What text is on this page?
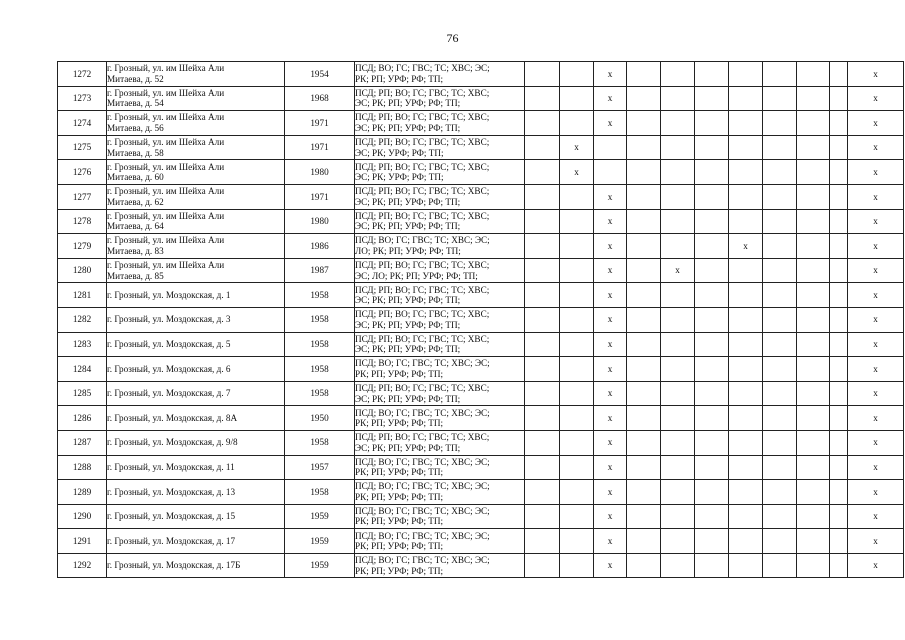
76
1272	г. Грозный, ул. им Шейха Али
Митаева, д. 52	1954	ПСД; ВО; ГС; ГВС; ТС; ХВС; ЭС;
РК; РП; УРФ; РФ; ТП;			x								x
1273	г. Грозный, ул. им Шейха Али
Митаева, д. 54	1968	ПСД; РП; ВО; ГС; ГВС; ТС; ХВС;
ЭС; РК; РП; УРФ; РФ; ТП;			x								x
1274	г. Грозный, ул. им Шейха Али
Митаева, д. 56	1971	ПСД; РП; ВО; ГС; ГВС; ТС; ХВС;
ЭС; РК; РП; УРФ; РФ; ТП;			x								x
1275	г. Грозный, ул. им Шейха Али
Митаева, д. 58	1971	ПСД; РП; ВО; ГС; ГВС; ТС; ХВС;
ЭС; РК; УРФ; РФ; ТП;		x									x
1276	г. Грозный, ул. им Шейха Али
Митаева, д. 60	1980	ПСД; РП; ВО; ГС; ГВС; ТС; ХВС;
ЭС; РК; УРФ; РФ; ТП;		x									x
1277	г. Грозный, ул. им Шейха Али
Митаева, д. 62	1971	ПСД; РП; ВО; ГС; ГВС; ТС; ХВС;
ЭС; РК; РП; УРФ; РФ; ТП;			x								x
1278	г. Грозный, ул. им Шейха Али
Митаева, д. 64	1980	ПСД; РП; ВО; ГС; ГВС; ТС; ХВС;
ЭС; РК; РП; УРФ; РФ; ТП;			x								x
1279	г. Грозный, ул. им Шейха Али
Митаева, д. 83	1986	ПСД; ВО; ГС; ГВС; ТС; ХВС; ЭС;
ЛО; РК; РП; УРФ; РФ; ТП;			x				x				x
1280	г. Грозный, ул. им Шейха Али
Митаева, д. 85	1987	ПСД; РП; ВО; ГС; ГВС; ТС; ХВС;
ЭС; ЛО; РК; РП; УРФ; РФ; ТП;			x		x						x
1281	г. Грозный, ул. Моздокская, д. 1	1958	ПСД; РП; ВО; ГС; ГВС; ТС; ХВС;
ЭС; РК; РП; УРФ; РФ; ТП;			x								x
1282	г. Грозный, ул. Моздокская, д. 3	1958	ПСД; РП; ВО; ГС; ГВС; ТС; ХВС;
ЭС; РК; РП; УРФ; РФ; ТП;			x								x
1283	г. Грозный, ул. Моздокская, д. 5	1958	ПСД; РП; ВО; ГС; ГВС; ТС; ХВС;
ЭС; РК; РП; УРФ; РФ; ТП;			x								x
1284	г. Грозный, ул. Моздокская, д. 6	1958	ПСД; ВО; ГС; ГВС; ТС; ХВС; ЭС;
РК; РП; УРФ; РФ; ТП;			x								x
1285	г. Грозный, ул. Моздокская, д. 7	1958	ПСД; РП; ВО; ГС; ГВС; ТС; ХВС;
ЭС; РК; РП; УРФ; РФ; ТП;			x								x
1286	г. Грозный, ул. Моздокская, д. 8А	1950	ПСД; ВО; ГС; ГВС; ТС; ХВС; ЭС;
РК; РП; УРФ; РФ; ТП;			x								x
1287	г. Грозный, ул. Моздокская, д. 9/8	1958	ПСД; РП; ВО; ГС; ГВС; ТС; ХВС;
ЭС; РК; РП; УРФ; РФ; ТП;			x								x
1288	г. Грозный, ул. Моздокская, д. 11	1957	ПСД; ВО; ГС; ГВС; ТС; ХВС; ЭС;
РК; РП; УРФ; РФ; ТП;			x								x
1289	г. Грозный, ул. Моздокская, д. 13	1958	ПСД; ВО; ГС; ГВС; ТС; ХВС; ЭС;
РК; РП; УРФ; РФ; ТП;			x								x
1290	г. Грозный, ул. Моздокская, д. 15	1959	ПСД; ВО; ГС; ГВС; ТС; ХВС; ЭС;
РК; РП; УРФ; РФ; ТП;			x								x
1291	г. Грозный, ул. Моздокская, д. 17	1959	ПСД; ВО; ГС; ГВС; ТС; ХВС; ЭС;
РК; РП; УРФ; РФ; ТП;			x								x
1292	г. Грозный, ул. Моздокская, д. 17Б	1959	ПСД; ВО; ГС; ГВС; ТС; ХВС; ЭС;
РК; РП; УРФ; РФ; ТП;			x								x
